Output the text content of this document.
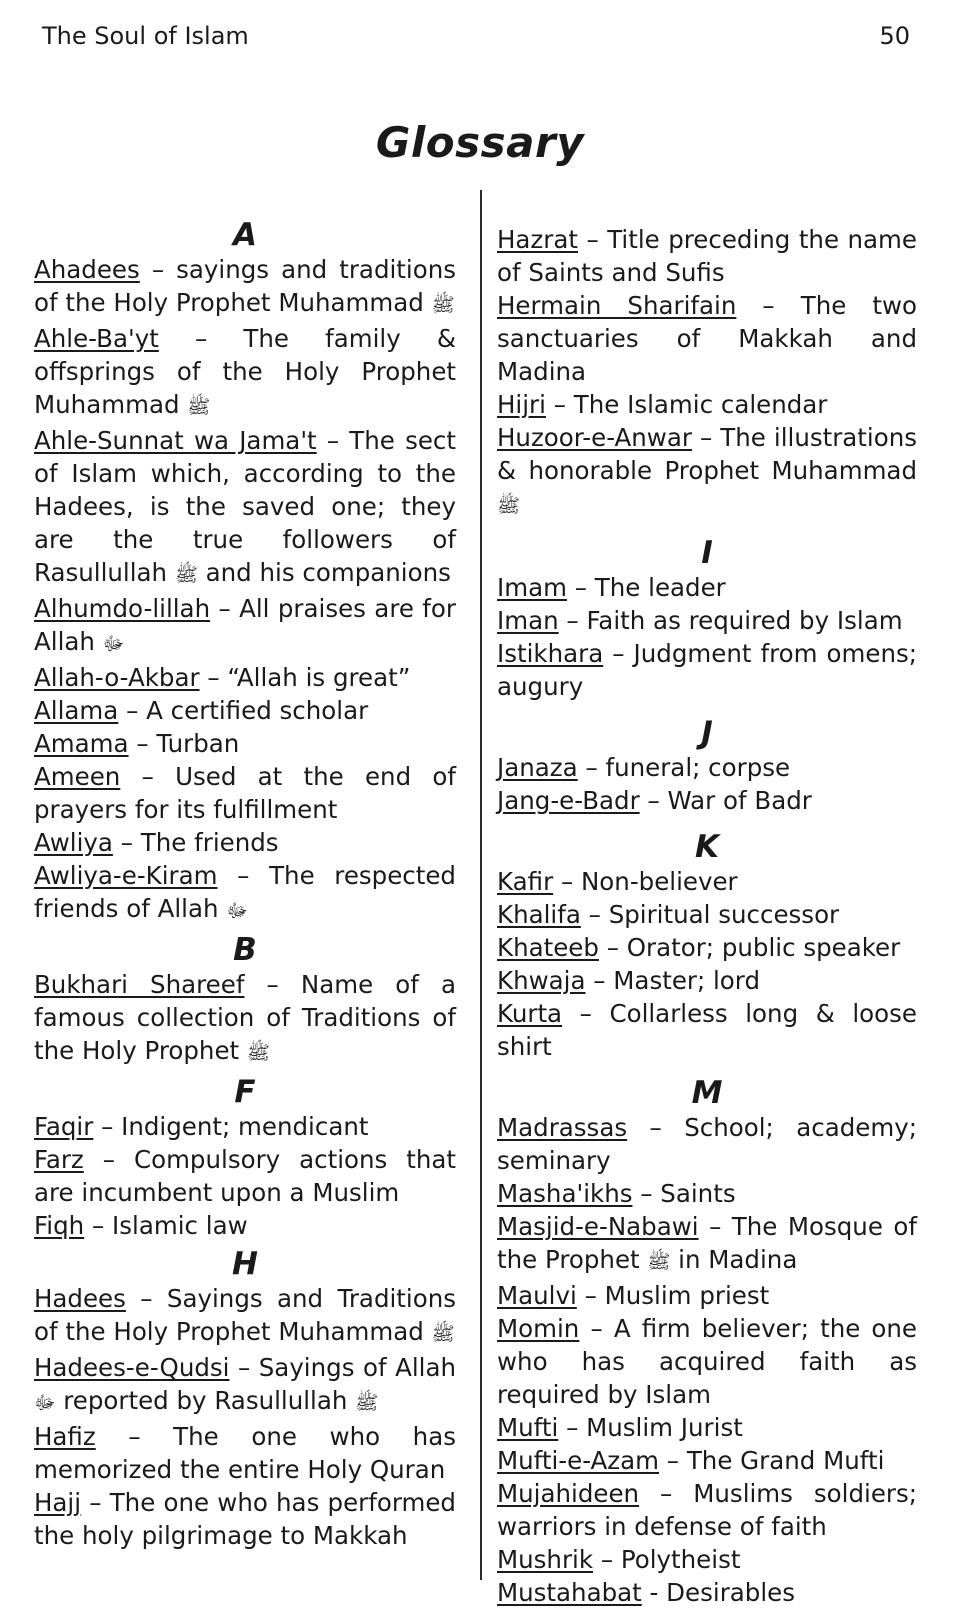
The Soul of Islam	50
Glossary
A
Ahadees – sayings and traditions of the Holy Prophet Muhammad ﷺ
Ahle-Ba'yt – The family & offsprings of the Holy Prophet Muhammad ﷺ
Ahle-Sunnat wa Jama't – The sect of Islam which, according to the Hadees, is the saved one; they are the true followers of Rasullullah ﷺ and his companions
Alhumdo-lillah – All praises are for Allah ﷻ
Allah-o-Akbar – “Allah is great”
Allama – A certified scholar
Amama – Turban
Ameen – Used at the end of prayers for its fulfillment
Awliya – The friends
Awliya-e-Kiram – The respected friends of Allah ﷻ
B
Bukhari Shareef – Name of a famous collection of Traditions of the Holy Prophet ﷺ
F
Faqir – Indigent; mendicant
Farz – Compulsory actions that are incumbent upon a Muslim
Fiqh – Islamic law
H
Hadees – Sayings and Traditions of the Holy Prophet Muhammad ﷺ
Hadees-e-Qudsi – Sayings of Allah ﷻ reported by Rasullullah ﷺ
Hafiz – The one who has memorized the entire Holy Quran
Hajj – The one who has performed the holy pilgrimage to Makkah
Hazrat – Title preceding the name of Saints and Sufis
Hermain Sharifain – The two sanctuaries of Makkah and Madina
Hijri – The Islamic calendar
Huzoor-e-Anwar – The illustrations & honorable Prophet Muhammad ﷺ
I
Imam – The leader
Iman – Faith as required by Islam
Istikhara – Judgment from omens; augury
J
Janaza – funeral; corpse
Jang-e-Badr – War of Badr
K
Kafir – Non-believer
Khalifa – Spiritual successor
Khateeb – Orator; public speaker
Khwaja – Master; lord
Kurta – Collarless long & loose shirt
M
Madrassas – School; academy; seminary
Masha'ikhs – Saints
Masjid-e-Nabawi – The Mosque of the Prophet ﷺ in Madina
Maulvi – Muslim priest
Momin – A firm believer; the one who has acquired faith as required by Islam
Mufti – Muslim Jurist
Mufti-e-Azam – The Grand Mufti
Mujahideen – Muslims soldiers; warriors in defense of faith
Mushrik – Polytheist
Mustahabat - Desirables
